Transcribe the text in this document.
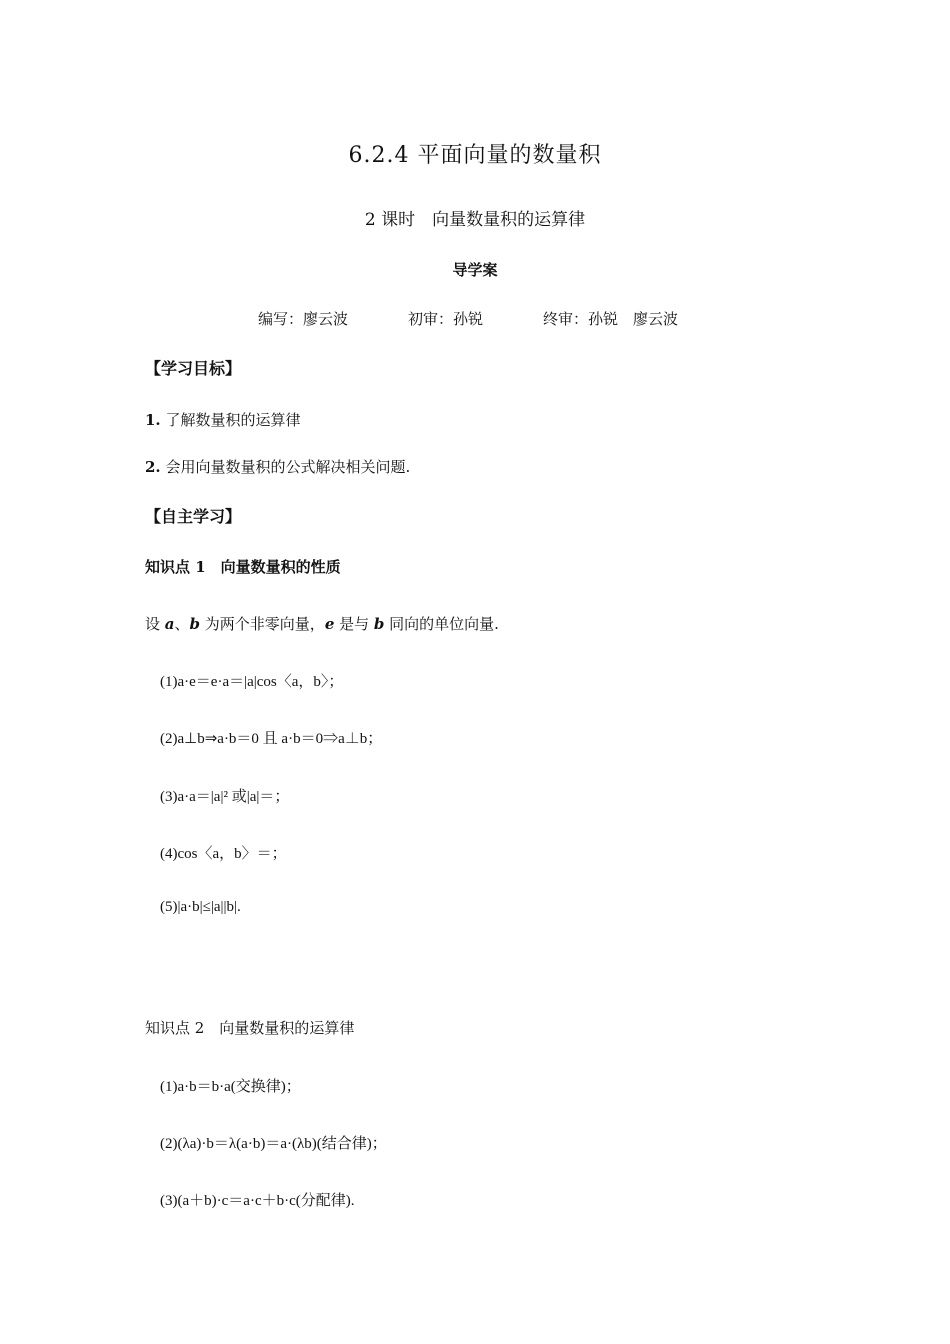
6.2.4 平面向量的数量积
2 课时　向量数量积的运算律
导学案
编写：廖云波	初审：孙锐	终审：孙锐　廖云波
【学习目标】
1. 了解数量积的运算律
2. 会用向量数量积的公式解决相关问题.
【自主学习】
知识点 1　向量数量积的性质
设 a、b 为两个非零向量，e 是与 b 同向的单位向量.
(1)a·e＝e·a＝|a|cos〈a，b〉；
(2)a⊥b⇒a·b＝0 且 a·b＝0⇒a⊥b；
(3)a·a＝|a|² 或|a|＝；
(4)cos〈a，b〉＝；
(5)|a·b|≤|a||b|.
知识点 2　向量数量积的运算律
(1)a·b＝b·a(交换律)；
(2)(λa)·b＝λ(a·b)＝a·(λb)(结合律)；
(3)(a＋b)·c＝a·c＋b·c(分配律).
